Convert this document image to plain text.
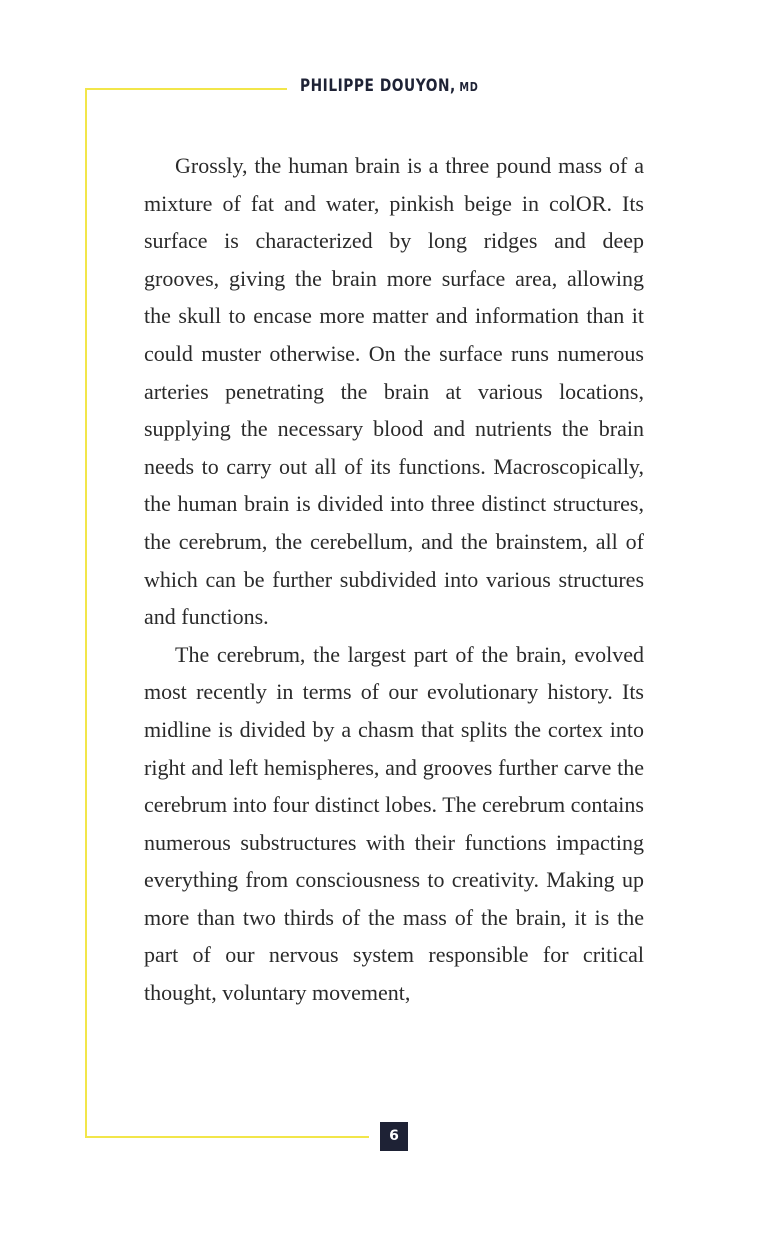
PHILIPPE DOUYON, MD

Grossly, the human brain is a three pound mass of a mixture of fat and water, pinkish beige in colOR. Its surface is characterized by long ridges and deep grooves, giving the brain more surface area, allowing the skull to encase more matter and information than it could muster otherwise. On the surface runs numerous arteries penetrating the brain at various locations, supplying the necessary blood and nutrients the brain needs to carry out all of its functions. Macroscopically, the human brain is divided into three distinct structures, the cerebrum, the cerebellum, and the brainstem, all of which can be further subdivided into various structures and functions.

The cerebrum, the largest part of the brain, evolved most recently in terms of our evolutionary history. Its midline is divided by a chasm that splits the cortex into right and left hemispheres, and grooves further carve the cerebrum into four distinct lobes. The cerebrum contains numerous substructures with their functions impacting everything from consciousness to creativity. Making up more than two thirds of the mass of the brain, it is the part of our nervous system responsible for critical thought, voluntary movement,

6
